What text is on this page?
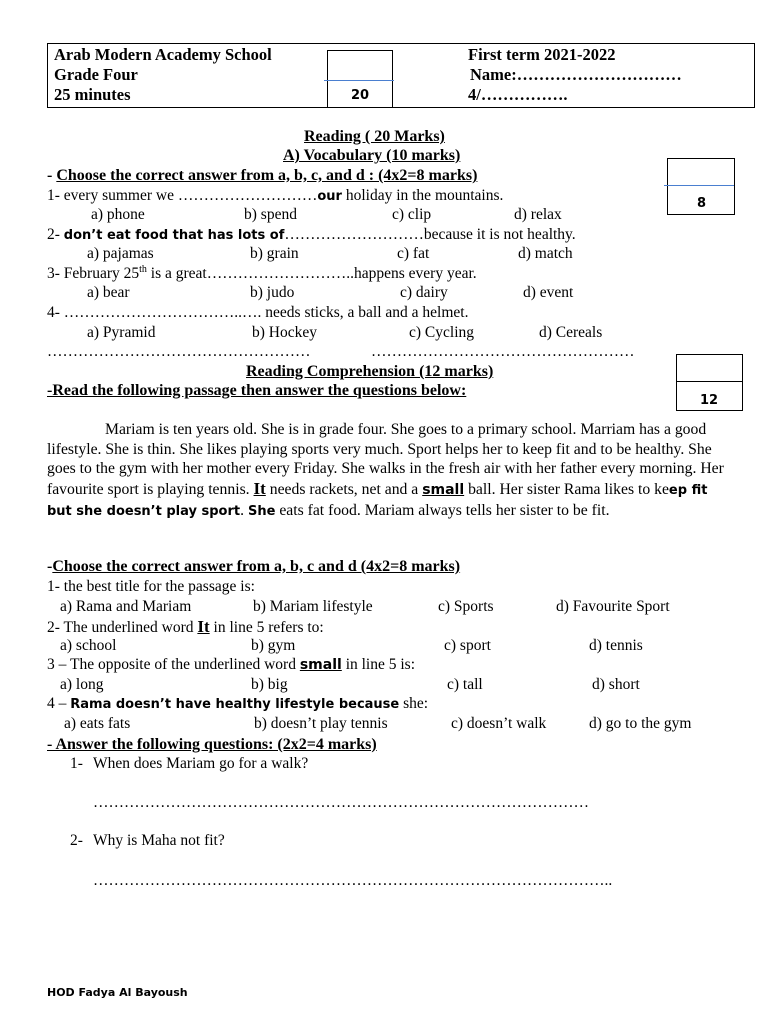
Arab Modern Academy School
Grade Four
25 minutes	20
First term 2021-2022
Name:…………………………
4/…………….
Reading ( 20 Marks)
A) Vocabulary (10 marks)
8
- Choose the correct answer from a, b, c, and d : (4x2=8 marks)
1- every summer we ………………………our holiday in the mountains.
a) phone	b) spend	c) clip	d) relax
2- don’t eat food that has lots of………………………because it is not healthy.
a) pajamas	b) grain	c) fat	d) match
3- February 25th is a great………………………..happens every year.
a) bear	b) judo	c) dairy	d) event
4- ……………………………..…. needs sticks, a ball and a helmet.
a) Pyramid	b) Hockey	c) Cycling	d) Cereals
……………………………………………	……………………………………………
12
Reading Comprehension (12 marks)
-Read the following passage then answer the questions below:
Mariam is ten years old. She is in grade four. She goes to a primary school. Marriam has a good lifestyle. She is thin. She likes playing sports very much. Sport helps her to keep fit and to be healthy. She goes to the gym with her mother every Friday. She walks in the fresh air with her father every morning. Her favourite sport is playing tennis. It needs rackets, net and a small ball. Her sister Rama likes to keep fit but she doesn’t play sport. She eats fat food. Mariam always tells her sister to be fit.
-Choose the correct answer from a, b, c and d (4x2=8 marks)
1- the best title for the passage is:
a) Rama and Mariam	b) Mariam lifestyle	c) Sports	d) Favourite Sport
2- The underlined word It in line 5 refers to:
a) school	b) gym	c) sport	d) tennis
3 – The opposite of the underlined word small in line 5 is:
a) long	b) big	c) tall	d) short
4 – Rama doesn’t have healthy lifestyle because she:
a) eats fats	b) doesn’t play tennis	c) doesn’t walk	d) go to the gym
- Answer the following questions: (2x2=4 marks)
1- When does Mariam go for a walk?
……………………………………………………………………………………
2- Why is Maha not fit?
………………………………………………………………………………………..
HOD Fadya Al Bayoush
